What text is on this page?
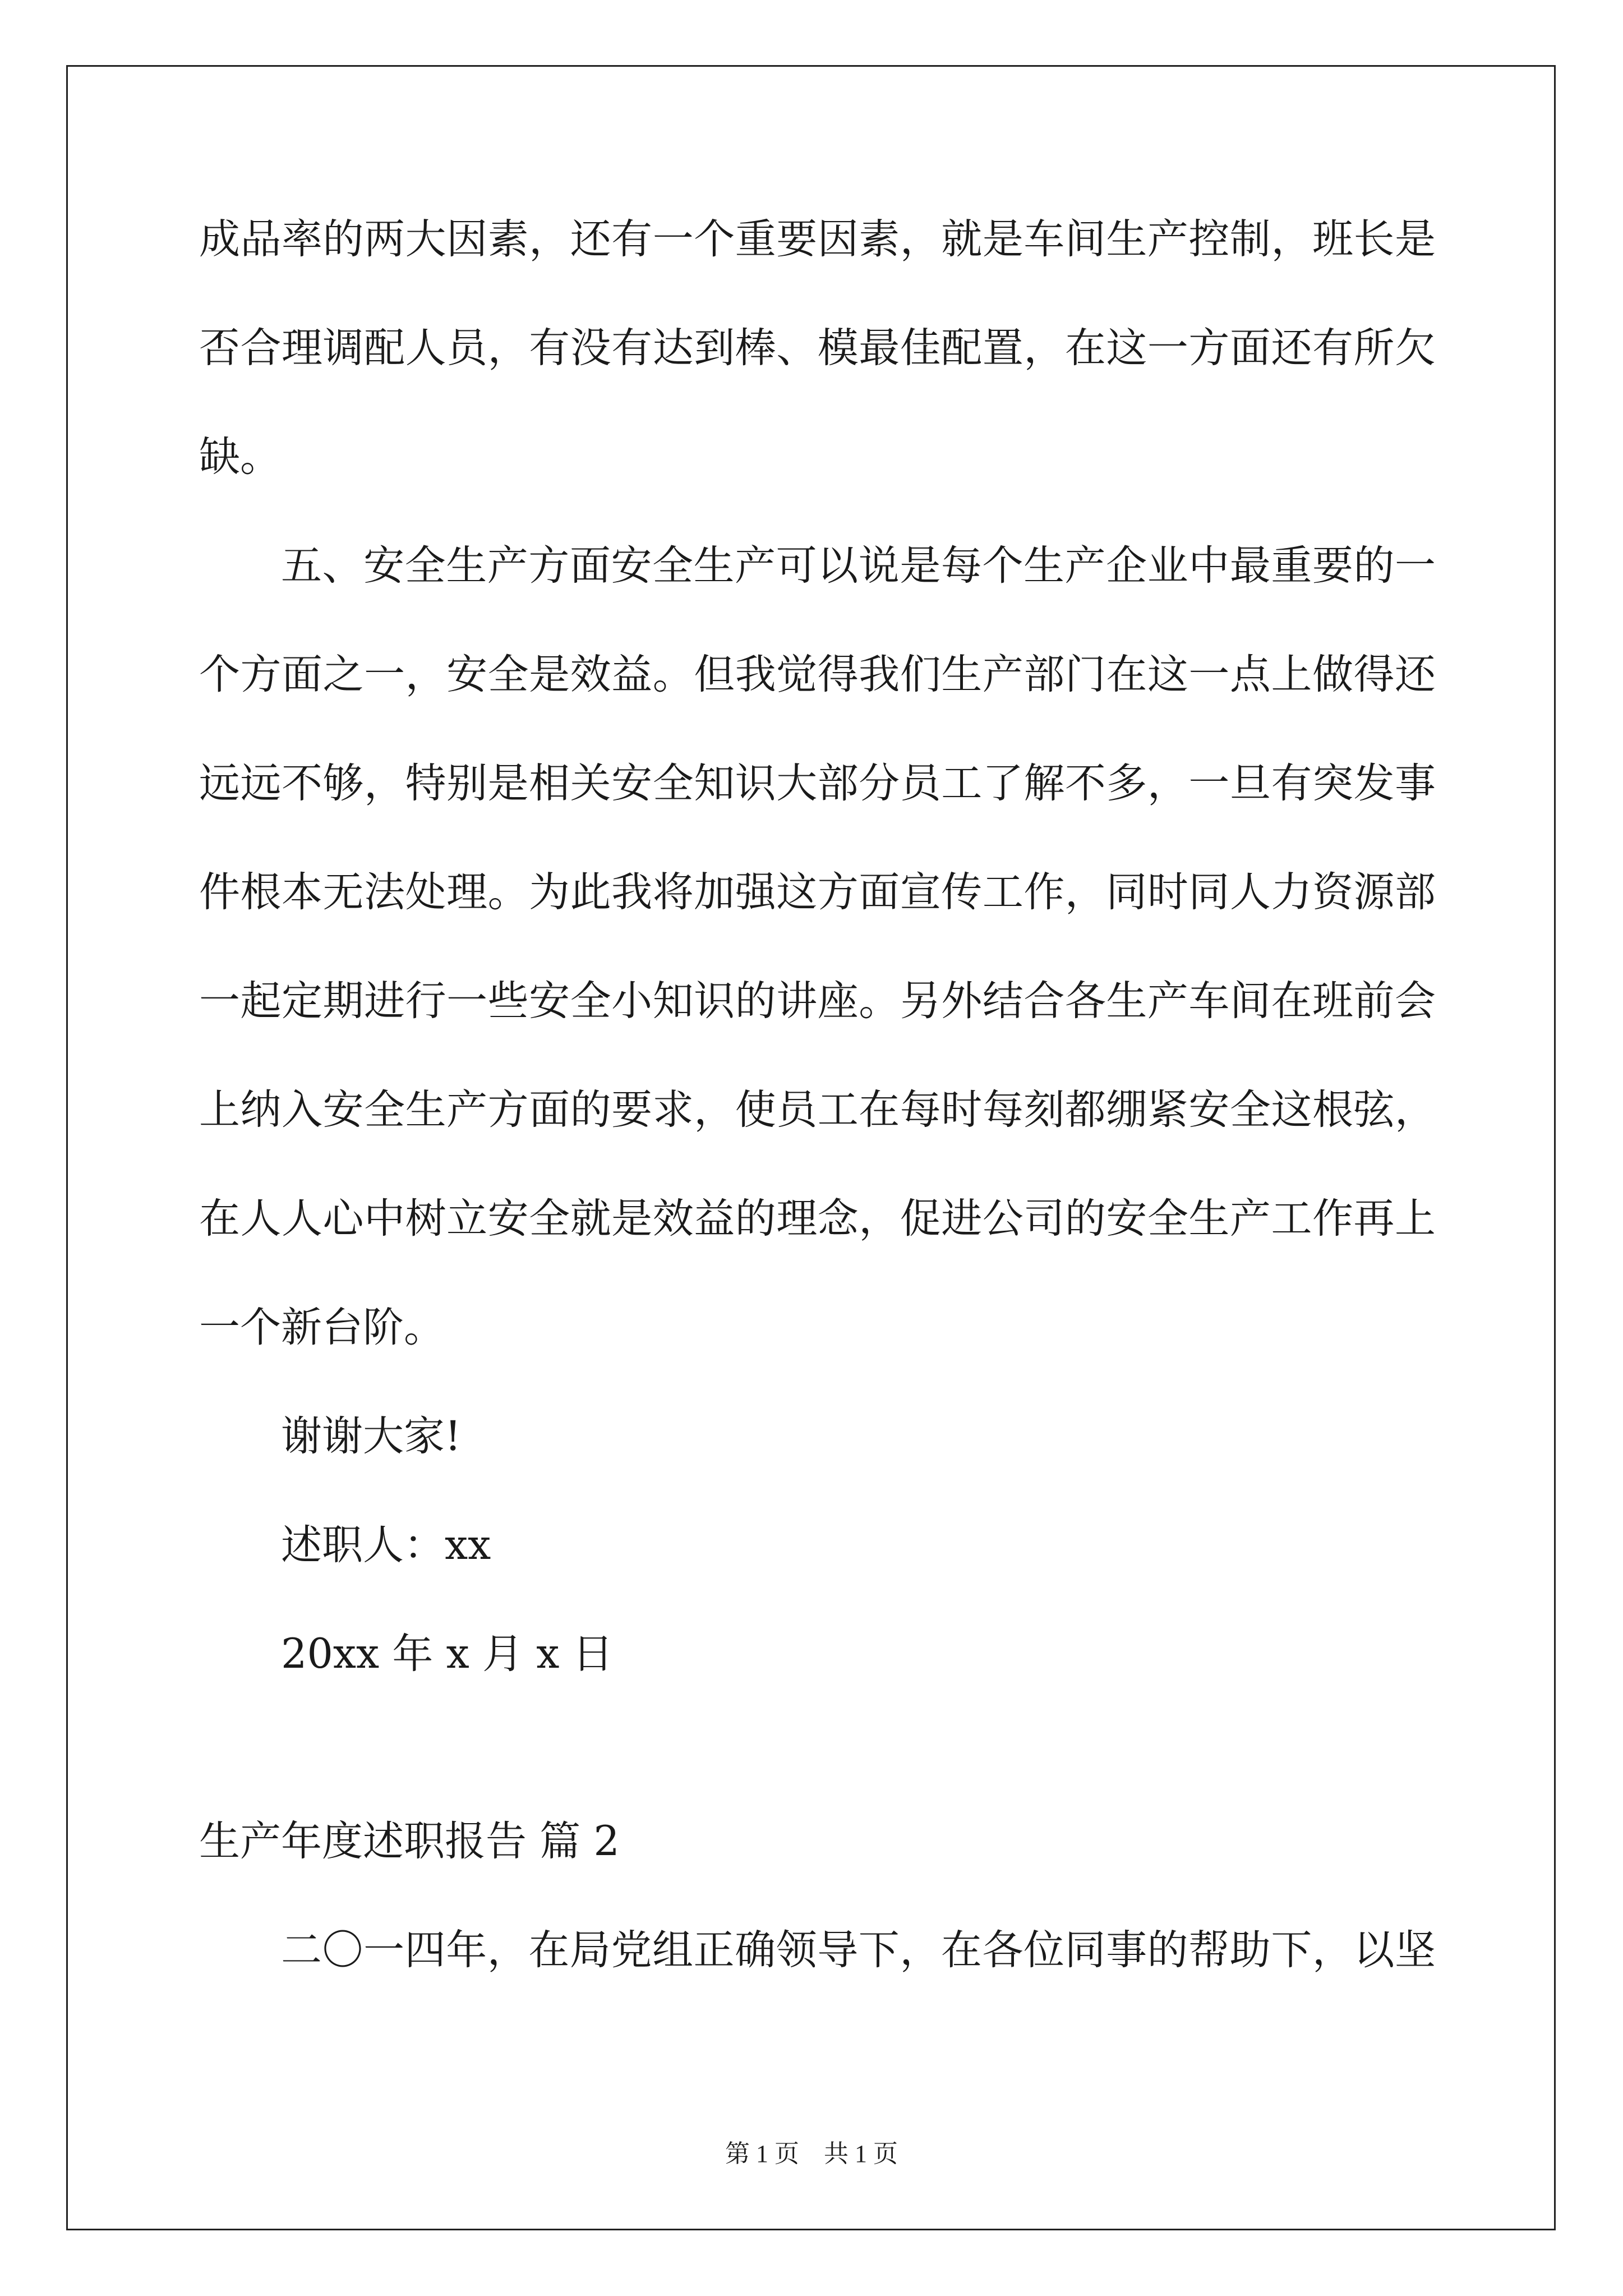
成品率的两大因素，还有一个重要因素，就是车间生产控制，班长是
否合理调配人员，有没有达到棒、模最佳配置，在这一方面还有所欠
缺。
五、安全生产方面安全生产可以说是每个生产企业中最重要的一
个方面之一，安全是效益。但我觉得我们生产部门在这一点上做得还
远远不够，特别是相关安全知识大部分员工了解不多，一旦有突发事
件根本无法处理。为此我将加强这方面宣传工作，同时同人力资源部
一起定期进行一些安全小知识的讲座。另外结合各生产车间在班前会
上纳入安全生产方面的要求，使员工在每时每刻都绷紧安全这根弦，
在人人心中树立安全就是效益的理念，促进公司的安全生产工作再上
一个新台阶。
谢谢大家!
述职人：xx
20xx 年 x 月 x 日
生产年度述职报告 篇 2
二〇一四年，在局党组正确领导下，在各位同事的帮助下，以坚
第 1 页    共 1 页
